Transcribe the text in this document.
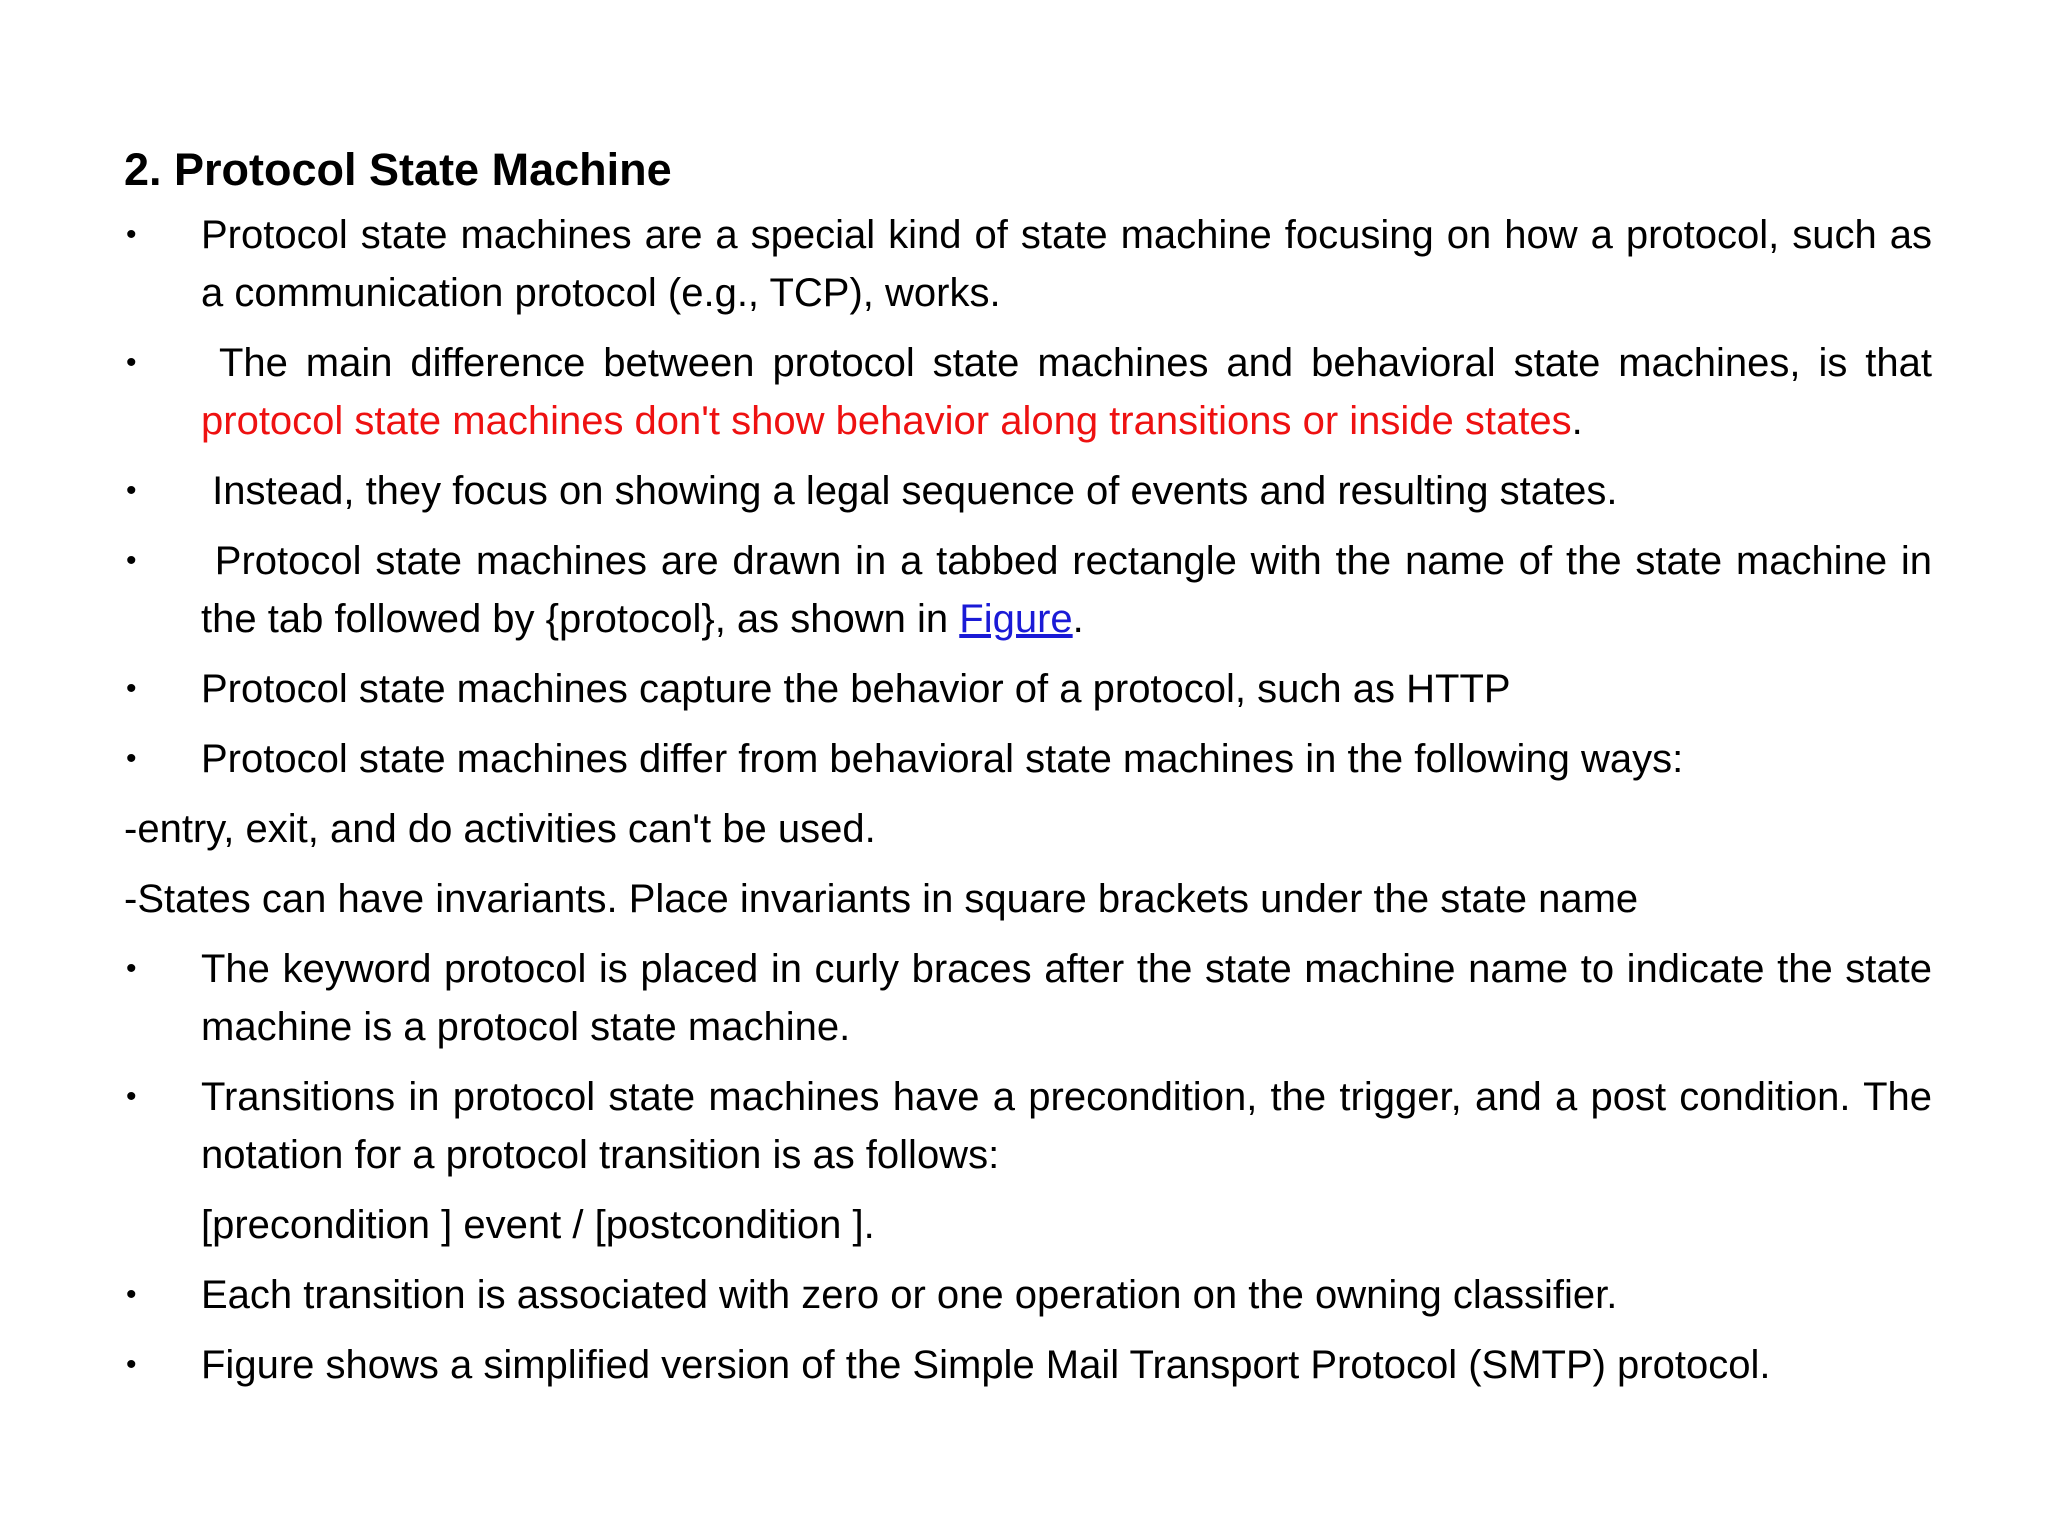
2. Protocol State Machine
• Protocol state machines are a special kind of state machine focusing on how a protocol, such as a communication protocol (e.g., TCP), works.
• The main difference between protocol state machines and behavioral state machines, is that protocol state machines don't show behavior along transitions or inside states.
• Instead, they focus on showing a legal sequence of events and resulting states.
• Protocol state machines are drawn in a tabbed rectangle with the name of the state machine in the tab followed by {protocol}, as shown in Figure.
• Protocol state machines capture the behavior of a protocol, such as HTTP
• Protocol state machines differ from behavioral state machines in the following ways:
-entry, exit, and do activities can't be used.
-States can have invariants. Place invariants in square brackets under the state name
• The keyword protocol is placed in curly braces after the state machine name to indicate the state machine is a protocol state machine.
• Transitions in protocol state machines have a precondition, the trigger, and a post condition. The notation for a protocol transition is as follows:
[precondition ] event / [postcondition ].
• Each transition is associated with zero or one operation on the owning classifier.
• Figure shows a simplified version of the Simple Mail Transport Protocol (SMTP) protocol.
